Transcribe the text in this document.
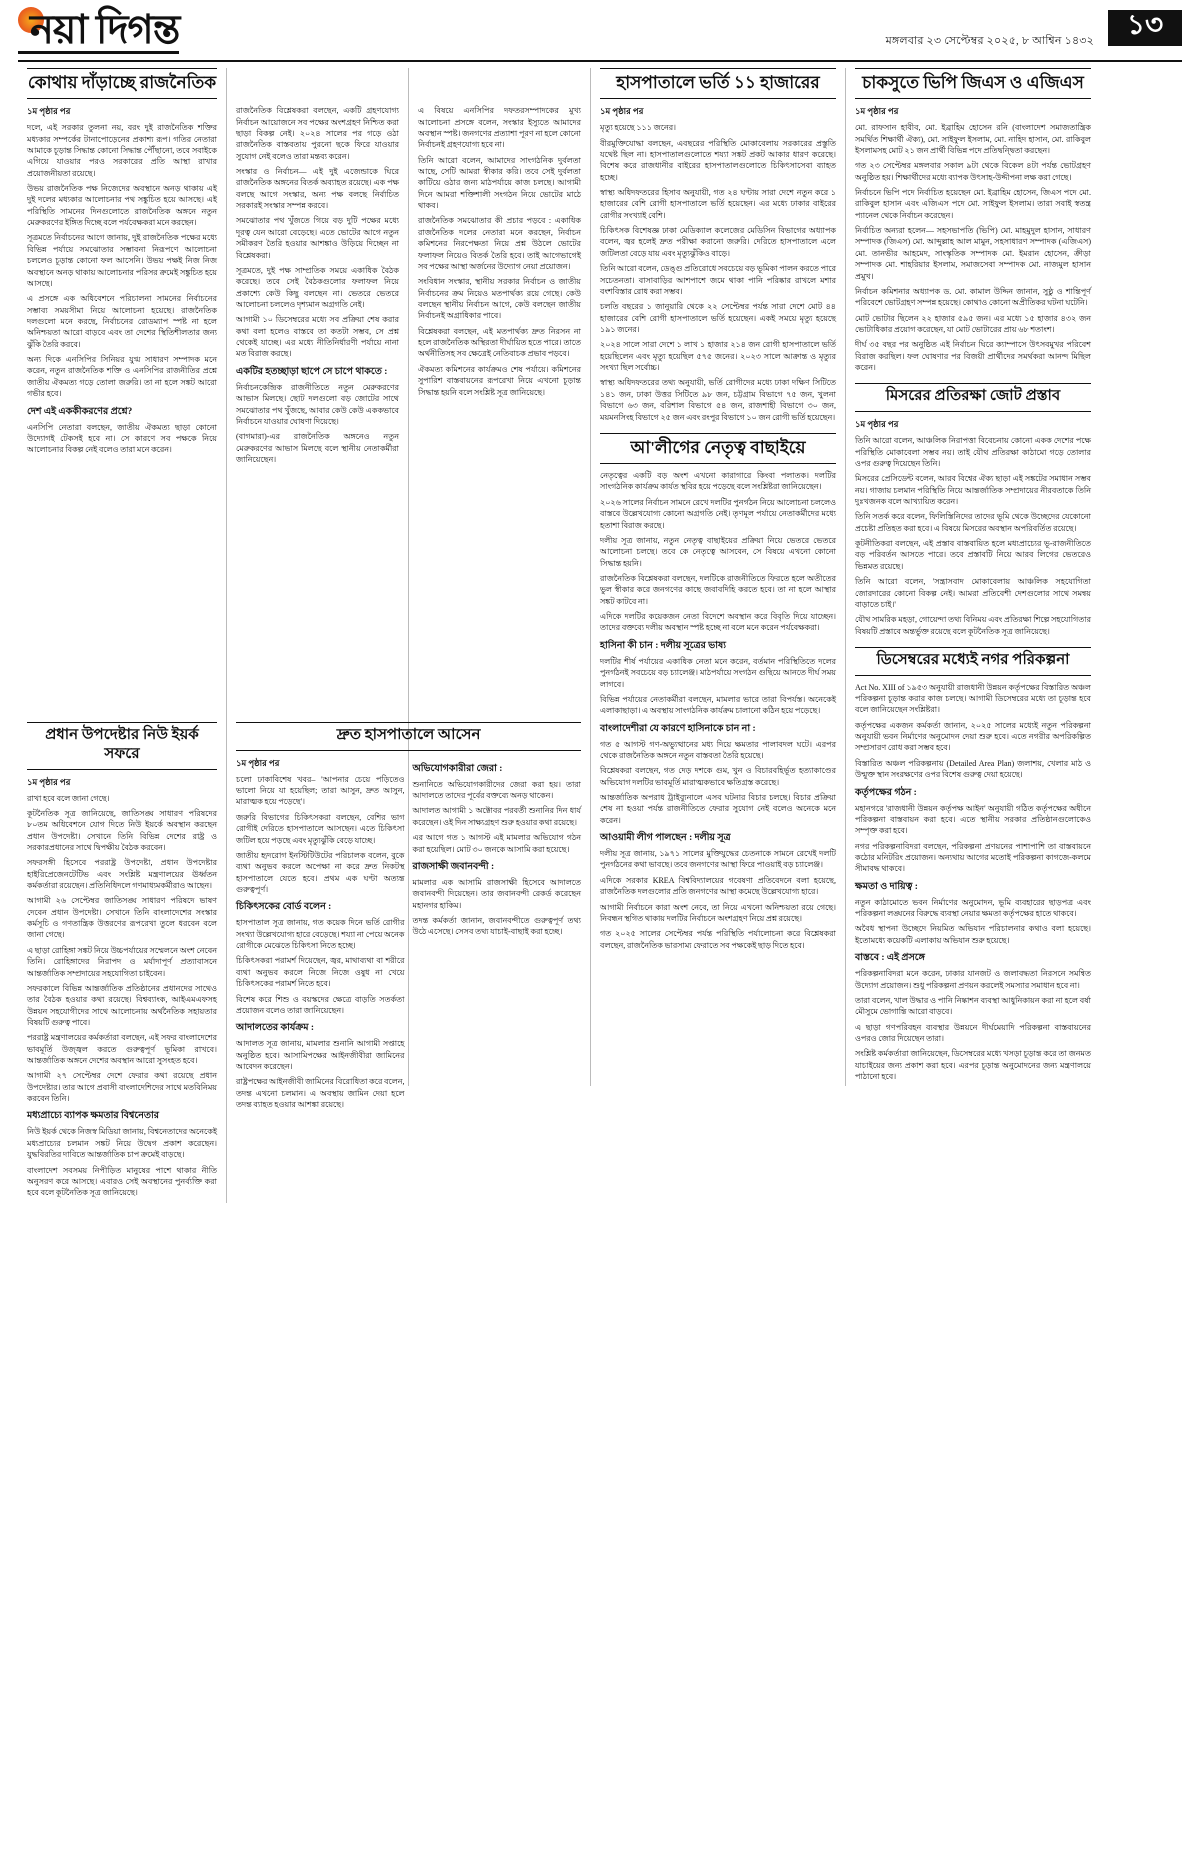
নয়া দিগন্ত	মঙ্গলবার ২৩ সেপ্টেম্বর ২০২৫, ৮ আশ্বিন ১৪৩২	১৩
কোথায় দাঁড়াচ্ছে রাজনৈতিক
১ম পৃষ্ঠার পর

দলে, এই সরকার তুলনা নয়, বরং দুই রাজনৈতিক শক্তির মধ্যকার সম্পর্কের টানাপোড়েনের প্রকাশ্য রূপ। গতির নেতারা আমাকে চূড়ান্ত সিদ্ধান্ত কোনো সিদ্ধান্ত পৌঁছানো, তবে সবাইকে এগিয়ে যাওয়ার পরও সরকারের প্রতি আস্থা রাখার প্রয়োজনীয়তা রয়েছে।

উভয় রাজনৈতিক পক্ষ নিজেদের অবস্থানে অনড় থাকায় এই দুই দলের মধ্যকার আলোচনার পথ সঙ্কুচিত হয়ে আসছে। এই পরিস্থিতি সামনের দিনগুলোতে রাজনৈতিক অঙ্গনে নতুন মেরুকরণের ইঙ্গিত দিচ্ছে বলে পর্যবেক্ষকরা মনে করছেন।

সূত্রমতে নির্বাচনের আগে জানায়, দুই রাজনৈতিক পক্ষের মধ্যে বিভিন্ন পর্যায়ে সমঝোতার সম্ভাবনা নিরূপণে আলোচনা চললেও চূড়ান্ত কোনো ফল আসেনি। উভয় পক্ষই নিজ নিজ অবস্থানে অনড় থাকায় আলোচনার পরিসর ক্রমেই সঙ্কুচিত হয়ে আসছে।

এ প্রসঙ্গে এক অধিবেশনে পরিচালনা সামনের নির্বাচনের সম্ভাব্য সময়সীমা নিয়ে আলোচনা হয়েছে। রাজনৈতিক দলগুলো মনে করছে, নির্বাচনের রোডম্যাপ স্পষ্ট না হলে অনিশ্চয়তা আরো বাড়বে এবং তা দেশের স্থিতিশীলতার জন্য ঝুঁকি তৈরি করবে।

অন্য দিকে এনসিপির সিনিয়র যুগ্ম সাধারণ সম্পাদক মনে করেন, নতুন রাজনৈতিক শক্তি ও এনসিপির রাজনীতির প্রশ্নে জাতীয় ঐকমত্য গড়ে তোলা জরুরি। তা না হলে সঙ্কট আরো গভীর হবে।

দেশ এই এককীকরণের প্রশ্নে?

এনসিপি নেতারা বলছেন, জাতীয় ঐকমত্য ছাড়া কোনো উদ্যোগই টেকসই হবে না। সে কারণে সব পক্ষকে নিয়ে আলোচনার বিকল্প নেই বলেও তারা মনে করেন।

রাজনৈতিক বিশ্লেষকরা বলছেন, একটি গ্রহণযোগ্য নির্বাচন আয়োজনে সব পক্ষের অংশগ্রহণ নিশ্চিত করা ছাড়া বিকল্প নেই। ২০২৪ সালের পর গড়ে ওঠা রাজনৈতিক বাস্তবতায় পুরনো ছকে ফিরে যাওয়ার সুযোগ নেই বলেও তারা মন্তব্য করেন।

সংস্কার ও নির্বাচন— এই দুই এজেন্ডাকে ঘিরে রাজনৈতিক অঙ্গনের বিতর্ক অব্যাহত রয়েছে। এক পক্ষ বলছে আগে সংস্কার, অন্য পক্ষ বলছে নির্বাচিত সরকারই সংস্কার সম্পন্ন করবে।

সমঝোতার পথ খুঁজতে গিয়ে বড় দুটি পক্ষের মধ্যে দূরত্ব যেন আরো বেড়েছে। এতে ভোটের আগে নতুন সমীকরণ তৈরি হওয়ার আশঙ্কাও উড়িয়ে দিচ্ছেন না বিশ্লেষকরা।

সূত্রমতে, দুই পক্ষ সাম্প্রতিক সময়ে একাধিক বৈঠক করেছে। তবে সেই বৈঠকগুলোর ফলাফল নিয়ে প্রকাশ্যে কেউ কিছু বলছেন না। ভেতরে ভেতরে আলোচনা চললেও দৃশ্যমান অগ্রগতি নেই।

আগামী ১০ ডিসেম্বরের মধ্যে সব প্রক্রিয়া শেষ করার কথা বলা হলেও বাস্তবে তা কতটা সম্ভব, সে প্রশ্ন থেকেই যাচ্ছে। এর মধ্যে নীতিনির্ধারণী পর্যায়ে নানা মত বিরাজ করছে।

একটির হতচ্ছাড়া ছাপে সে চাপে থাকতে :

নির্বাচনকেন্দ্রিক রাজনীতিতে নতুন মেরুকরণের আভাস মিলছে। ছোট দলগুলো বড় জোটের সাথে সমঝোতার পথ খুঁজছে, আবার কেউ কেউ এককভাবে নির্বাচনে যাওয়ার ঘোষণা দিয়েছে।

(বাগমারা)-এর রাজনৈতিক অঙ্গনেও নতুন মেরুকরণের আভাস মিলছে বলে স্থানীয় নেতাকর্মীরা জানিয়েছেন।

এ বিষয়ে এনসিপির দফতরসম্পাদকের মুখ্য আলোচনা প্রসঙ্গে বলেন, সংস্কার ইস্যুতে আমাদের অবস্থান স্পষ্ট। জনগণের প্রত্যাশা পূরণ না হলে কোনো নির্বাচনই গ্রহণযোগ্য হবে না।

তিনি আরো বলেন, আমাদের সাংগঠনিক দুর্বলতা আছে, সেটি আমরা স্বীকার করি। তবে সেই দুর্বলতা কাটিয়ে ওঠার জন্য মাঠপর্যায়ে কাজ চলছে। আগামী দিনে আমরা শক্তিশালী সংগঠন নিয়ে ভোটের মাঠে থাকব।

রাজনৈতিক সমঝোতার কী প্রচার পড়বে : একাধিক রাজনৈতিক দলের নেতারা মনে করছেন, নির্বাচন কমিশনের নিরপেক্ষতা নিয়ে প্রশ্ন উঠলে ভোটের ফলাফল নিয়েও বিতর্ক তৈরি হবে। তাই আগেভাগেই সব পক্ষের আস্থা অর্জনের উদ্যোগ নেয়া প্রয়োজন।

সংবিধান সংস্কার, স্থানীয় সরকার নির্বাচন ও জাতীয় নির্বাচনের ক্রম নিয়েও মতপার্থক্য রয়ে গেছে। কেউ বলছেন স্থানীয় নির্বাচন আগে, কেউ বলছেন জাতীয় নির্বাচনই অগ্রাধিকার পাবে।

বিশ্লেষকরা বলছেন, এই মতপার্থক্য দ্রুত নিরসন না হলে রাজনৈতিক অস্থিরতা দীর্ঘায়িত হতে পারে। তাতে অর্থনীতিসহ সব ক্ষেত্রেই নেতিবাচক প্রভাব পড়বে।

ঐকমত্য কমিশনের কার্যক্রমও শেষ পর্যায়ে। কমিশনের সুপারিশ বাস্তবায়নের রূপরেখা নিয়ে এখনো চূড়ান্ত সিদ্ধান্ত হয়নি বলে সংশ্লিষ্ট সূত্র জানিয়েছে।

হাসপাতালে ভর্তি ১১ হাজারের
১ম পৃষ্ঠার পর

মৃত্যু হয়েছে ১১১ জনের।

বীরমুক্তিযোদ্ধা বলছেন, এবছরের পরিস্থিতি মোকাবেলায় সরকারের প্রস্তুতি যথেষ্ট ছিল না। হাসপাতালগুলোতে শয্যা সঙ্কট প্রকট আকার ধারণ করেছে। বিশেষ করে রাজধানীর বাইরের হাসপাতালগুলোতে চিকিৎসাসেবা ব্যাহত হচ্ছে।

স্বাস্থ্য অধিদফতরের হিসাব অনুযায়ী, গত ২৪ ঘণ্টায় সারা দেশে নতুন করে ১ হাজারের বেশি রোগী হাসপাতালে ভর্তি হয়েছেন। এর মধ্যে ঢাকার বাইরের রোগীর সংখ্যাই বেশি।

চিকিৎসক বিশেষজ্ঞ ঢাকা মেডিক্যাল কলেজের মেডিসিন বিভাগের অধ্যাপক বলেন, জ্বর হলেই দ্রুত পরীক্ষা করানো জরুরি। দেরিতে হাসপাতালে এলে জটিলতা বেড়ে যায় এবং মৃত্যুঝুঁকিও বাড়ে।

তিনি আরো বলেন, ডেঙ্গু প্রতিরোধে সবচেয়ে বড় ভূমিকা পালন করতে পারে সচেতনতা। বাসাবাড়ির আশপাশে জমে থাকা পানি পরিষ্কার রাখলে মশার বংশবিস্তার রোধ করা সম্ভব।

চলতি বছরের ১ জানুয়ারি থেকে ২২ সেপ্টেম্বর পর্যন্ত সারা দেশে মোট ৪৪ হাজারের বেশি রোগী হাসপাতালে ভর্তি হয়েছেন। একই সময়ে মৃত্যু হয়েছে ১৯১ জনের।

২০২৪ সালে সারা দেশে ১ লাখ ১ হাজার ২১৪ জন রোগী হাসপাতালে ভর্তি হয়েছিলেন এবং মৃত্যু হয়েছিল ৫৭৫ জনের। ২০২৩ সালে আক্রান্ত ও মৃত্যুর সংখ্যা ছিল সর্বোচ্চ।

স্বাস্থ্য অধিদফতরের তথ্য অনুযায়ী, ভর্তি রোগীদের মধ্যে ঢাকা দক্ষিণ সিটিতে ১৪১ জন, ঢাকা উত্তর সিটিতে ৯৮ জন, চট্টগ্রাম বিভাগে ৭৫ জন, খুলনা বিভাগে ৬৩ জন, বরিশাল বিভাগে ৫৪ জন, রাজশাহী বিভাগে ৩০ জন, ময়মনসিংহ বিভাগে ২৫ জন এবং রংপুর বিভাগে ১০ জন রোগী ভর্তি হয়েছেন।

আ'লীগের নেতৃত্ব বাছাইয়ে

নেতৃত্বের একটি বড় অংশ এখনো কারাগারে কিংবা পলাতক। দলটির সাংগঠনিক কার্যক্রম কার্যত স্থবির হয়ে পড়েছে বলে সংশ্লিষ্টরা জানিয়েছেন।

২০২৬ সালের নির্বাচন সামনে রেখে দলটির পুনর্গঠন নিয়ে আলোচনা চললেও বাস্তবে উল্লেখযোগ্য কোনো অগ্রগতি নেই। তৃণমূল পর্যায়ে নেতাকর্মীদের মধ্যে হতাশা বিরাজ করছে।

দলীয় সূত্র জানায়, নতুন নেতৃত্ব বাছাইয়ের প্রক্রিয়া নিয়ে ভেতরে ভেতরে আলোচনা চলছে। তবে কে নেতৃত্বে আসবেন, সে বিষয়ে এখনো কোনো সিদ্ধান্ত হয়নি।

রাজনৈতিক বিশ্লেষকরা বলছেন, দলটিকে রাজনীতিতে ফিরতে হলে অতীতের ভুল স্বীকার করে জনগণের কাছে জবাবদিহি করতে হবে। তা না হলে আস্থার সঙ্কট কাটবে না।

এদিকে দলটির কয়েকজন নেতা বিদেশে অবস্থান করে বিবৃতি দিয়ে যাচ্ছেন। তাদের বক্তব্যে দলীয় অবস্থান স্পষ্ট হচ্ছে না বলে মনে করেন পর্যবেক্ষকরা।

হাসিনা কী চান : দলীয় সূত্রের ভাষ্য

দলটির শীর্ষ পর্যায়ের একাধিক নেতা মনে করেন, বর্তমান পরিস্থিতিতে দলের পুনর্গঠনই সবচেয়ে বড় চ্যালেঞ্জ। মাঠপর্যায়ে সংগঠন গুছিয়ে আনতে দীর্ঘ সময় লাগবে।

বিভিন্ন পর্যায়ের নেতাকর্মীরা বলছেন, মামলার ভারে তারা বিপর্যস্ত। অনেকেই এলাকাছাড়া। এ অবস্থায় সাংগঠনিক কার্যক্রম চালানো কঠিন হয়ে পড়েছে।

বাংলাদেশীরা যে কারণে হাসিনাকে চান না :

গত ৫ আগস্ট গণ-অভ্যুত্থানের মধ্য দিয়ে ক্ষমতার পালাবদল ঘটে। এরপর থেকে রাজনৈতিক অঙ্গনে নতুন বাস্তবতা তৈরি হয়েছে।

বিশ্লেষকরা বলছেন, গত দেড় দশকে গুম, খুন ও বিচারবহির্ভূত হত্যাকাণ্ডের অভিযোগ দলটির ভাবমূর্তি মারাত্মকভাবে ক্ষতিগ্রস্ত করেছে।

আন্তর্জাতিক অপরাধ ট্রাইব্যুনালে এসব ঘটনার বিচার চলছে। বিচার প্রক্রিয়া শেষ না হওয়া পর্যন্ত রাজনীতিতে ফেরার সুযোগ নেই বলেও অনেকে মনে করেন।

আওয়ামী লীগ পালছেন : দলীয় সূত্র

দলীয় সূত্র জানায়, ১৯৭১ সালের মুক্তিযুদ্ধের চেতনাকে সামনে রেখেই দলটি পুনর্গঠনের কথা ভাবছে। তবে জনগণের আস্থা ফিরে পাওয়াই বড় চ্যালেঞ্জ।

এদিকে সরকার KREA বিশ্ববিদ্যালয়ের গবেষণা প্রতিবেদনে বলা হয়েছে, রাজনৈতিক দলগুলোর প্রতি জনগণের আস্থা কমেছে উল্লেখযোগ্য হারে।

আগামী নির্বাচনে কারা অংশ নেবে, তা নিয়ে এখনো অনিশ্চয়তা রয়ে গেছে। নিবন্ধন স্থগিত থাকায় দলটির নির্বাচনে অংশগ্রহণ নিয়ে প্রশ্ন রয়েছে।

গত ২০২৫ সালের সেপ্টেম্বর পর্যন্ত পরিস্থিতি পর্যালোচনা করে বিশ্লেষকরা বলছেন, রাজনৈতিক ভারসাম্য ফেরাতে সব পক্ষকেই ছাড় দিতে হবে।

চাকসুতে ভিপি জিএস ও এজিএস
১ম পৃষ্ঠার পর

মো. রাফসান হাবীব, মো. ইব্রাহিম হোসেন রনি (বাংলাদেশ সমাজতান্ত্রিক সমর্থিত শিক্ষার্থী ঐক্য), মো. সাইফুল ইসলাম, মো. নাহিদ হাসান, মো. রাকিবুল ইসলামসহ মোট ২১ জন প্রার্থী বিভিন্ন পদে প্রতিদ্বন্দ্বিতা করছেন।

গত ২৩ সেপ্টেম্বর মঙ্গলবার সকাল ৯টা থেকে বিকেল ৪টা পর্যন্ত ভোটগ্রহণ অনুষ্ঠিত হয়। শিক্ষার্থীদের মধ্যে ব্যাপক উৎসাহ-উদ্দীপনা লক্ষ করা গেছে।

নির্বাচনে ভিপি পদে নির্বাচিত হয়েছেন মো. ইব্রাহিম হোসেন, জিএস পদে মো. রাকিবুল হাসান এবং এজিএস পদে মো. সাইফুল ইসলাম। তারা সবাই স্বতন্ত্র প্যানেল থেকে নির্বাচন করেছেন।

নির্বাচিত অন্যরা হলেন— সহসভাপতি (ভিপি) মো. মাহমুদুল হাসান, সাধারণ সম্পাদক (জিএস) মো. আব্দুল্লাহ আল মামুন, সহসাধারণ সম্পাদক (এজিএস) মো. তানভীর আহমেদ, সাংস্কৃতিক সম্পাদক মো. ইমরান হোসেন, ক্রীড়া সম্পাদক মো. শাহরিয়ার ইসলাম, সমাজসেবা সম্পাদক মো. নাজমুল হাসান প্রমুখ।

নির্বাচন কমিশনার অধ্যাপক ড. মো. কামাল উদ্দিন জানান, সুষ্ঠু ও শান্তিপূর্ণ পরিবেশে ভোটগ্রহণ সম্পন্ন হয়েছে। কোথাও কোনো অপ্রীতিকর ঘটনা ঘটেনি।

মোট ভোটার ছিলেন ২২ হাজার ৫৯৫ জন। এর মধ্যে ১৫ হাজার ৪৩২ জন ভোটাধিকার প্রয়োগ করেছেন, যা মোট ভোটারের প্রায় ৬৮ শতাংশ।

দীর্ঘ ৩৫ বছর পর অনুষ্ঠিত এই নির্বাচন ঘিরে ক্যাম্পাসে উৎসবমুখর পরিবেশ বিরাজ করছিল। ফল ঘোষণার পর বিজয়ী প্রার্থীদের সমর্থকরা আনন্দ মিছিল করেন।

মিসরের প্রতিরক্ষা জোট প্রস্তাব
১ম পৃষ্ঠার পর

তিনি আরো বলেন, আঞ্চলিক নিরাপত্তা বিবেচনায় কোনো একক দেশের পক্ষে পরিস্থিতি মোকাবেলা সম্ভব নয়। তাই যৌথ প্রতিরক্ষা কাঠামো গড়ে তোলার ওপর গুরুত্ব দিয়েছেন তিনি।

মিসরের প্রেসিডেন্ট বলেন, আরব বিশ্বের ঐক্য ছাড়া এই সঙ্কটের সমাধান সম্ভব নয়। গাজায় চলমান পরিস্থিতি নিয়ে আন্তর্জাতিক সম্প্রদায়ের নীরবতাকে তিনি দুঃখজনক বলে আখ্যায়িত করেন।

তিনি সতর্ক করে বলেন, ফিলিস্তিনিদের তাদের ভূমি থেকে উচ্ছেদের যেকোনো প্রচেষ্টা প্রতিহত করা হবে। এ বিষয়ে মিসরের অবস্থান অপরিবর্তিত রয়েছে।

কূটনীতিকরা বলছেন, এই প্রস্তাব বাস্তবায়িত হলে মধ্যপ্রাচ্যের ভূ-রাজনীতিতে বড় পরিবর্তন আসতে পারে। তবে প্রস্তাবটি নিয়ে আরব লিগের ভেতরেও ভিন্নমত রয়েছে।

তিনি আরো বলেন, 'সন্ত্রাসবাদ মোকাবেলায় আঞ্চলিক সহযোগিতা জোরদারের কোনো বিকল্প নেই। আমরা প্রতিবেশী দেশগুলোর সাথে সমন্বয় বাড়াতে চাই।'

যৌথ সামরিক মহড়া, গোয়েন্দা তথ্য বিনিময় এবং প্রতিরক্ষা শিল্পে সহযোগিতার বিষয়টি প্রস্তাবে অন্তর্ভুক্ত রয়েছে বলে কূটনৈতিক সূত্র জানিয়েছে।

ডিসেম্বরের মধ্যেই নগর পরিকল্পনা

Act No. XIII of ১৯৫৩ অনুযায়ী রাজধানী উন্নয়ন কর্তৃপক্ষের বিস্তারিত অঞ্চল পরিকল্পনা চূড়ান্ত করার কাজ চলছে। আগামী ডিসেম্বরের মধ্যে তা চূড়ান্ত হবে বলে জানিয়েছেন সংশ্লিষ্টরা।

কর্তৃপক্ষের একজন কর্মকর্তা জানান, ২০২৫ সালের মধ্যেই নতুন পরিকল্পনা অনুযায়ী ভবন নির্মাণের অনুমোদন দেয়া শুরু হবে। এতে নগরীর অপরিকল্পিত সম্প্রসারণ রোধ করা সম্ভব হবে।

বিস্তারিত অঞ্চল পরিকল্পনায় (Detailed Area Plan) জলাশয়, খেলার মাঠ ও উন্মুক্ত স্থান সংরক্ষণের ওপর বিশেষ গুরুত্ব দেয়া হয়েছে।

কর্তৃপক্ষের গঠন :

মহানগরে 'রাজধানী উন্নয়ন কর্তৃপক্ষ আইন' অনুযায়ী গঠিত কর্তৃপক্ষের অধীনে পরিকল্পনা বাস্তবায়ন করা হবে। এতে স্থানীয় সরকার প্রতিষ্ঠানগুলোকেও সম্পৃক্ত করা হবে।

নগর পরিকল্পনাবিদরা বলছেন, পরিকল্পনা প্রণয়নের পাশাপাশি তা বাস্তবায়নে কঠোর মনিটরিং প্রয়োজন। অন্যথায় আগের মতোই পরিকল্পনা কাগজে-কলমে সীমাবদ্ধ থাকবে।

ক্ষমতা ও দায়িত্ব :

নতুন কাঠামোতে ভবন নির্মাণের অনুমোদন, ভূমি ব্যবহারের ছাড়পত্র এবং পরিকল্পনা লঙ্ঘনের বিরুদ্ধে ব্যবস্থা নেয়ার ক্ষমতা কর্তৃপক্ষের হাতে থাকবে।

অবৈধ স্থাপনা উচ্ছেদে নিয়মিত অভিযান পরিচালনার কথাও বলা হয়েছে। ইতোমধ্যে কয়েকটি এলাকায় অভিযান শুরু হয়েছে।

বাস্তবে : এই প্রসঙ্গে

পরিকল্পনাবিদরা মনে করেন, ঢাকার যানজট ও জলাবদ্ধতা নিরসনে সমন্বিত উদ্যোগ প্রয়োজন। শুধু পরিকল্পনা প্রণয়ন করলেই সমস্যার সমাধান হবে না।

তারা বলেন, খাল উদ্ধার ও পানি নিষ্কাশন ব্যবস্থা আধুনিকায়ন করা না হলে বর্ষা মৌসুমে ভোগান্তি আরো বাড়বে।

এ ছাড়া গণপরিবহন ব্যবস্থার উন্নয়নে দীর্ঘমেয়াদি পরিকল্পনা বাস্তবায়নের ওপরও জোর দিয়েছেন তারা।

সংশ্লিষ্ট কর্মকর্তারা জানিয়েছেন, ডিসেম্বরের মধ্যে খসড়া চূড়ান্ত করে তা জনমত যাচাইয়ের জন্য প্রকাশ করা হবে। এরপর চূড়ান্ত অনুমোদনের জন্য মন্ত্রণালয়ে পাঠানো হবে।

প্রধান উপদেষ্টার নিউ ইয়র্ক সফরে
১ম পৃষ্ঠার পর

রাখা হবে বলে জানা গেছে।

কূটনৈতিক সূত্র জানিয়েছে, জাতিসঙ্ঘ সাধারণ পরিষদের ৮০তম অধিবেশনে যোগ দিতে নিউ ইয়র্কে অবস্থান করছেন প্রধান উপদেষ্টা। সেখানে তিনি বিভিন্ন দেশের রাষ্ট্র ও সরকারপ্রধানের সাথে দ্বিপক্ষীয় বৈঠক করবেন।

সফরসঙ্গী হিসেবে পররাষ্ট্র উপদেষ্টা, প্রধান উপদেষ্টার হাইরিপ্রেজেনটেটিভ এবং সংশ্লিষ্ট মন্ত্রণালয়ের ঊর্ধ্বতন কর্মকর্তারা রয়েছেন। প্রতিনিধিদলে গণমাধ্যমকর্মীরাও আছেন।

আগামী ২৬ সেপ্টেম্বর জাতিসঙ্ঘ সাধারণ পরিষদে ভাষণ দেবেন প্রধান উপদেষ্টা। সেখানে তিনি বাংলাদেশের সংস্কার কর্মসূচি ও গণতান্ত্রিক উত্তরণের রূপরেখা তুলে ধরবেন বলে জানা গেছে।

এ ছাড়া রোহিঙ্গা সঙ্কট নিয়ে উচ্চপর্যায়ের সম্মেলনে অংশ নেবেন তিনি। রোহিঙ্গাদের নিরাপদ ও মর্যাদাপূর্ণ প্রত্যাবাসনে আন্তর্জাতিক সম্প্রদায়ের সহযোগিতা চাইবেন।

সফরকালে বিভিন্ন আন্তর্জাতিক প্রতিষ্ঠানের প্রধানদের সাথেও তার বৈঠক হওয়ার কথা রয়েছে। বিশ্বব্যাংক, আইএমএফসহ উন্নয়ন সহযোগীদের সাথে আলোচনায় অর্থনৈতিক সহায়তার বিষয়টি গুরুত্ব পাবে।

পররাষ্ট্র মন্ত্রণালয়ের কর্মকর্তারা বলছেন, এই সফর বাংলাদেশের ভাবমূর্তি উজ্জ্বল করতে গুরুত্বপূর্ণ ভূমিকা রাখবে। আন্তর্জাতিক অঙ্গনে দেশের অবস্থান আরো সুসংহত হবে।

আগামী ২৭ সেপ্টেম্বর দেশে ফেরার কথা রয়েছে প্রধান উপদেষ্টার। তার আগে প্রবাসী বাংলাদেশিদের সাথে মতবিনিময় করবেন তিনি।

মধ্যপ্রাচ্যে ব্যাপক ক্ষমতার বিশ্বনেতার

নিউ ইয়র্ক থেকে নিজস্ব মিডিয়া জানায়, বিশ্বনেতাদের অনেকেই মধ্যপ্রাচ্যের চলমান সঙ্কট নিয়ে উদ্বেগ প্রকাশ করেছেন। যুদ্ধবিরতির দাবিতে আন্তর্জাতিক চাপ ক্রমেই বাড়ছে।

বাংলাদেশ সবসময় নিপীড়িত মানুষের পাশে থাকার নীতি অনুসরণ করে আসছে। এবারও সেই অবস্থানের পুনর্ব্যক্তি করা হবে বলে কূটনৈতিক সূত্র জানিয়েছে।

দ্রুত হাসপাতালে আসেন
১ম পৃষ্ঠার পর

চলো ঢাকাবিশেষ খবর– 'আপনার চেয়ে পড়িতেও ভালো নিয়ে যা হয়েছিল; তারা আসুন, দ্রুত আসুন, মারাত্মক হয়ে পড়েছে'।

জরুরি বিভাগের চিকিৎসকরা বলছেন, বেশির ভাগ রোগীই দেরিতে হাসপাতালে আসছেন। এতে চিকিৎসা জটিল হয়ে পড়ছে এবং মৃত্যুঝুঁকি বেড়ে যাচ্ছে।

জাতীয় হৃদরোগ ইনস্টিটিউটের পরিচালক বলেন, বুকে ব্যথা অনুভব করলে অপেক্ষা না করে দ্রুত নিকটস্থ হাসপাতালে যেতে হবে। প্রথম এক ঘণ্টা অত্যন্ত গুরুত্বপূর্ণ।

চিকিৎসকের বোর্ড বলেন :

হাসপাতাল সূত্র জানায়, গত কয়েক দিনে ভর্তি রোগীর সংখ্যা উল্লেখযোগ্য হারে বেড়েছে। শয্যা না পেয়ে অনেক রোগীকে মেঝেতে চিকিৎসা নিতে হচ্ছে।

চিকিৎসকরা পরামর্শ দিয়েছেন, জ্বর, মাথাব্যথা বা শরীরে ব্যথা অনুভব করলে নিজে নিজে ওষুধ না খেয়ে চিকিৎসকের পরামর্শ নিতে হবে।

বিশেষ করে শিশু ও বয়স্কদের ক্ষেত্রে বাড়তি সতর্কতা প্রয়োজন বলেও তারা জানিয়েছেন।

আদালতের কার্যক্রম :

আদালত সূত্র জানায়, মামলার শুনানি আগামী সপ্তাহে অনুষ্ঠিত হবে। আসামিপক্ষের আইনজীবীরা জামিনের আবেদন করেছেন।

রাষ্ট্রপক্ষের আইনজীবী জামিনের বিরোধিতা করে বলেন, তদন্ত এখনো চলমান। এ অবস্থায় জামিন দেয়া হলে তদন্ত ব্যাহত হওয়ার আশঙ্কা রয়েছে।

অভিযোগকারীরা জেরা :

শুনানিতে অভিযোগকারীদের জেরা করা হয়। তারা আদালতে তাদের পূর্বের বক্তব্যে অনড় থাকেন।

আদালত আগামী ১ অক্টোবর পরবর্তী শুনানির দিন ধার্য করেছেন। ওই দিন সাক্ষ্যগ্রহণ শুরু হওয়ার কথা রয়েছে।

এর আগে গত ১ আগস্ট এই মামলার অভিযোগ গঠন করা হয়েছিল। মোট ৩০ জনকে আসামি করা হয়েছে।

রাজসাক্ষী জবানবন্দী :

মামলার এক আসামি রাজসাক্ষী হিসেবে আদালতে জবানবন্দী দিয়েছেন। তার জবানবন্দী রেকর্ড করেছেন মহানগর হাকিম।

তদন্ত কর্মকর্তা জানান, জবানবন্দীতে গুরুত্বপূর্ণ তথ্য উঠে এসেছে। সেসব তথ্য যাচাই-বাছাই করা হচ্ছে।
